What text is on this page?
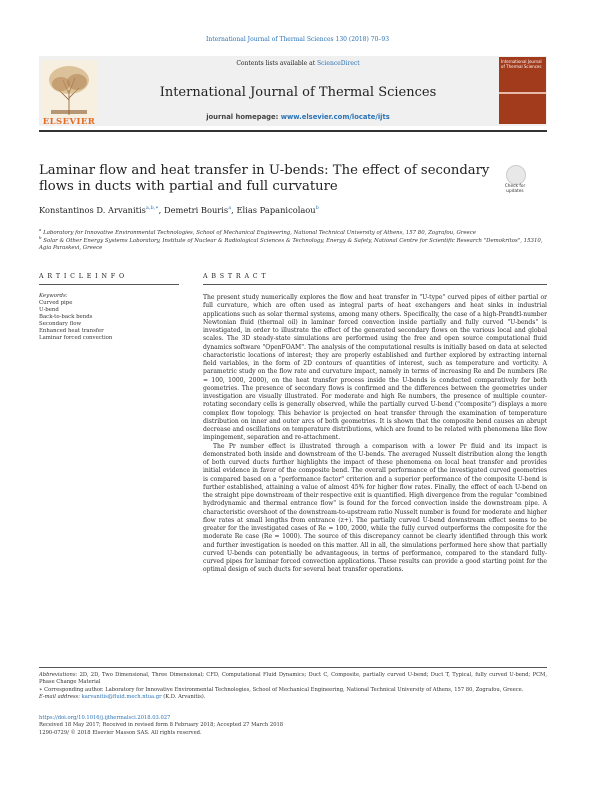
International Journal of Thermal Sciences 130 (2018) 70–93
ELSEVIER
Contents lists available at ScienceDirect
International Journal of Thermal Sciences
journal homepage: www.elsevier.com/locate/ijts
International Journal of Thermal Sciences
Laminar flow and heat transfer in U-bends: The effect of secondary flows in ducts with partial and full curvature	Check for updates
Konstantinos D. Arvanitis$^{a,b,∗}$, Demetri Bouris$^a$, Elias Papanicolaou$^b$
$^a$ Laboratory for Innovative Environmental Technologies, School of Mechanical Engineering, National Technical University of Athens, 157 80, Zografou, Greece
$^b$ Solar & Other Energy Systems Laboratory, Institute of Nuclear & Radiological Sciences & Technology, Energy & Safety, National Centre for Scientific Research "Demokritos", 15310, Agia Paraskevi, Greece
A R T I C L E I N F O	A B S T R A C T
Keywords:
Curved pipe
U-bend
Back-to-back bends
Secondary flow
Enhanced heat transfer
Laminar forced convection

The present study numerically explores the flow and heat transfer in "U-type" curved pipes of either partial or full curvature, which are often used as integral parts of heat exchangers and heat sinks in industrial applications such as solar thermal systems, among many others. Specifically, the case of a high-Prandtl-number Newtonian fluid (thermal oil) in laminar forced convection inside partially and fully curved "U-bends" is investigated, in order to illustrate the effect of the generated secondary flows on the various local and global scales. The 3D steady-state simulations are performed using the free and open source computational fluid dynamics software "OpenFOAM". The analysis of the computational results is initially based on data at selected characteristic locations of interest; they are properly established and further explored by extracting internal field variables, in the form of 2D contours of quantities of interest, such as temperature and vorticity. A parametric study on the flow rate and curvature impact, namely in terms of increasing Re and De numbers (Re = 100, 1000, 2000), on the heat transfer process inside the U-bends is conducted comparatively for both geometries. The presence of secondary flows is confirmed and the differences between the geometries under investigation are visually illustrated. For moderate and high Re numbers, the presence of multiple counter-rotating secondary cells is generally observed, while the partially curved U-bend ("composite") displays a more complex flow topology. This behavior is projected on heat transfer through the examination of temperature distribution on inner and outer arcs of both geometries. It is shown that the composite bend causes an abrupt decrease and oscillations on temperature distributions, which are found to be related with phenomena like flow impingement, separation and re-attachment.

The Pr number effect is illustrated through a comparison with a lower Pr fluid and its impact is demonstrated both inside and downstream of the U-bends. The averaged Nusselt distribution along the length of both curved ducts further highlights the impact of these phenomena on local heat transfer and provides initial evidence in favor of the composite bend. The overall performance of the investigated curved geometries is compared based on a "performance factor" criterion and a superior performance of the composite U-bend is further established, attaining a value of almost 45% for higher flow rates. Finally, the effect of each U-bend on the straight pipe downstream of their respective exit is quantified. High divergence from the regular "combined hydrodynamic and thermal entrance flow" is found for the forced convection inside the downstream pipe. A characteristic overshoot of the downstream-to-upstream ratio Nusselt number is found for moderate and higher flow rates at small lengths from entrance (z+). The partially curved U-bend downstream effect seems to be greater for the investigated cases of Re = 100, 2000, while the fully curved outperforms the composite for the moderate Re case (Re = 1000). The source of this discrepancy cannot be clearly identified through this work and further investigation is needed on this matter. All in all, the simulations performed here show that partially curved U-bends can potentially be advantageous, in terms of performance, compared to the standard fully-curved pipes for laminar forced convection applications. These results can provide a good starting point for the optimal design of such ducts for several heat transfer operations.

Abbreviations: 2D, 2D, Two Dimensional, Three Dimensional; CFD, Computational Fluid Dynamics; Duct C, Composite, partially curved U-bend; Duct T, Typical, fully curved U-bend; PCM, Phase Change Material

∗ Corresponding author. Laboratory for Innovative Environmental Technologies, School of Mechanical Engineering, National Technical University of Athens, 157 80, Zografou, Greece.

E-mail address: karvanitis@fluid.mech.ntua.gr (K.D. Arvanitis).

https://doi.org/10.1016/j.ijthermalsci.2018.03.027
Received 18 May 2017; Received in revised form 8 February 2018; Accepted 27 March 2018
1290-0729/ © 2018 Elsevier Masson SAS. All rights reserved.
